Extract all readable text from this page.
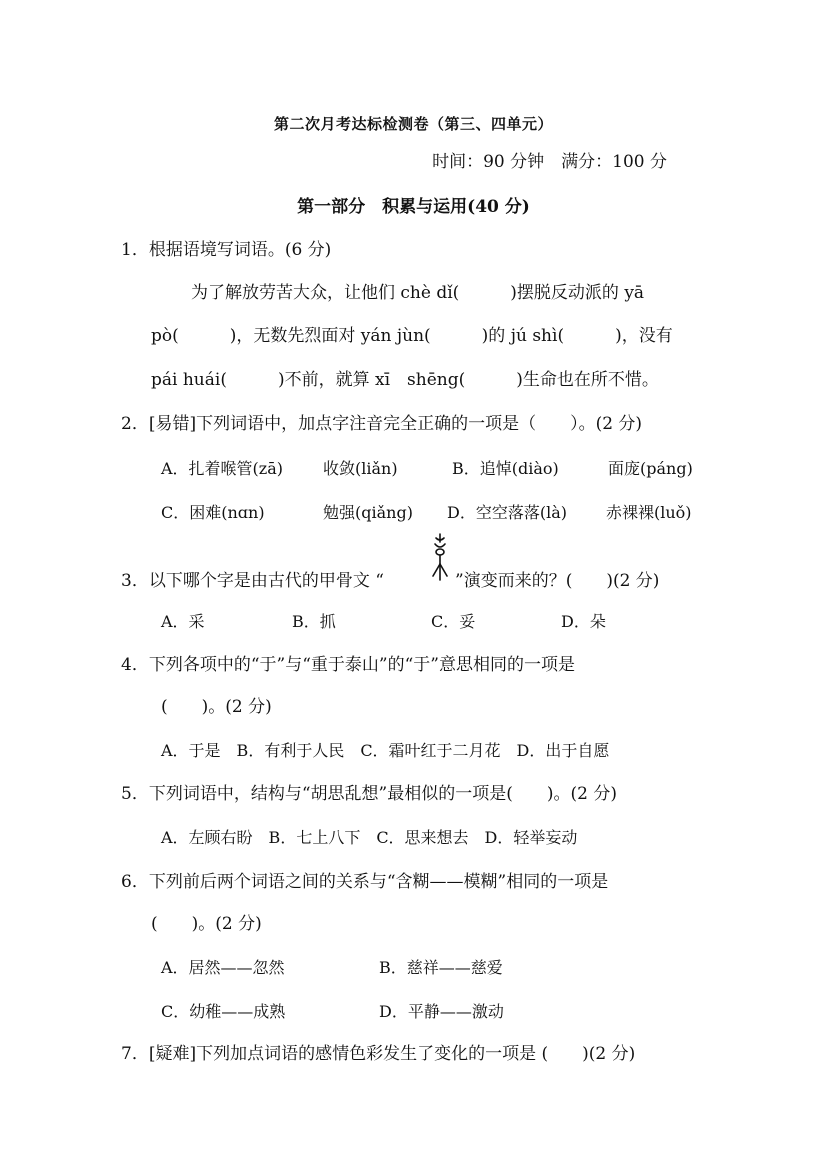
第二次月考达标检测卷（第三、四单元）
时间：90 分钟　满分：100 分
第一部分　积累与运用(40 分)
1．根据语境写词语。(6 分)
为了解放劳苦大众，让他们 chè dǐ(　　　)摆脱反动派的 yā
pò(　　　)，无数先烈面对 yán jùn(　　　)的 jú shì(　　　)，没有
pái huái(　　　)不前，就算 xī　shēng(　　　)生命也在所不惜。
2．[易错]下列词语中，加点字注音完全正确的一项是（　　）。(2 分)
A．扎着喉管(zā) 收敛(liǎn)	B．追悼(diào)	面庞(páng)
C．困难(nɑn)	勉强(qiǎng) D．空空落落(là) 赤裸裸(luǒ)
3．以下哪个字是由古代的甲骨文 “	”演变而来的？(　　)(2 分)
A．采	B．抓	C．妥	D．朵
4．下列各项中的“于”与“重于泰山”的“于”意思相同的一项是
(　　)。(2 分)
A．于是　B．有利于人民　C．霜叶红于二月花　D．出于自愿
5．下列词语中，结构与“胡思乱想”最相似的一项是(　　)。(2 分)
A．左顾右盼　B．七上八下　C．思来想去　D．轻举妄动
6．下列前后两个词语之间的关系与“含糊——模糊”相同的一项是
(　　)。(2 分)
A．居然——忽然	B．慈祥——慈爱
C．幼稚——成熟	D．平静——激动
7．[疑难]下列加点词语的感情色彩发生了变化的一项是 (　　)(2 分)
